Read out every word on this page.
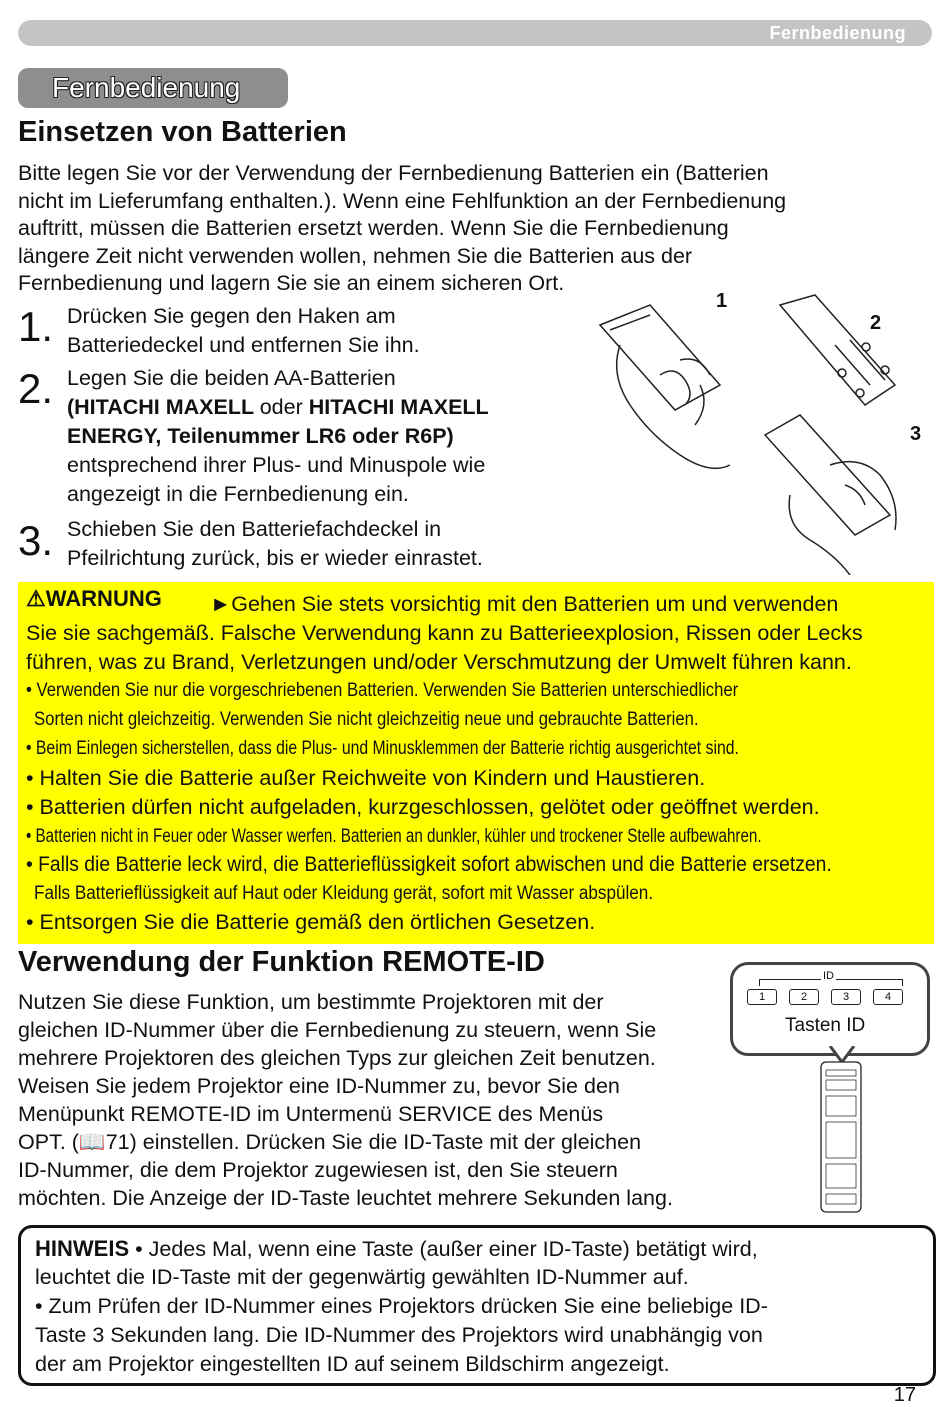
Fernbedienung
Fernbedienung
Einsetzen von Batterien
Bitte legen Sie vor der Verwendung der Fernbedienung Batterien ein (Batterien
nicht im Lieferumfang enthalten.). Wenn eine Fehlfunktion an der Fernbedienung
auftritt, müssen die Batterien ersetzt werden. Wenn Sie die Fernbedienung
längere Zeit nicht verwenden wollen, nehmen Sie die Batterien aus der
Fernbedienung und lagern Sie sie an einem sicheren Ort.
1. Drücken Sie gegen den Haken am
Batteriedeckel und entfernen Sie ihn.
2. Legen Sie die beiden AA-Batterien
(HITACHI MAXELL oder HITACHI MAXELL
ENERGY, Teilenummer LR6 oder R6P)
entsprechend ihrer Plus- und Minuspole wie
angezeigt in die Fernbedienung ein.
3. Schieben Sie den Batteriefachdeckel in
Pfeilrichtung zurück, bis er wieder einrastet.
1
2
3
⚠WARNUNG ►Gehen Sie stets vorsichtig mit den Batterien um und verwenden
Sie sie sachgemäß. Falsche Verwendung kann zu Batterieexplosion, Rissen oder Lecks
führen, was zu Brand, Verletzungen und/oder Verschmutzung der Umwelt führen kann.
• Verwenden Sie nur die vorgeschriebenen Batterien. Verwenden Sie Batterien unterschiedlicher
Sorten nicht gleichzeitig. Verwenden Sie nicht gleichzeitig neue und gebrauchte Batterien.
• Beim Einlegen sicherstellen, dass die Plus- und Minusklemmen der Batterie richtig ausgerichtet sind.
• Halten Sie die Batterie außer Reichweite von Kindern und Haustieren.
• Batterien dürfen nicht aufgeladen, kurzgeschlossen, gelötet oder geöffnet werden.
• Batterien nicht in Feuer oder Wasser werfen. Batterien an dunkler, kühler und trockener Stelle aufbewahren.
• Falls die Batterie leck wird, die Batterieflüssigkeit sofort abwischen und die Batterie ersetzen.
Falls Batterieflüssigkeit auf Haut oder Kleidung gerät, sofort mit Wasser abspülen.
• Entsorgen Sie die Batterie gemäß den örtlichen Gesetzen.
Verwendung der Funktion REMOTE-ID
Nutzen Sie diese Funktion, um bestimmte Projektoren mit der
gleichen ID-Nummer über die Fernbedienung zu steuern, wenn Sie
mehrere Projektoren des gleichen Typs zur gleichen Zeit benutzen.
Weisen Sie jedem Projektor eine ID-Nummer zu, bevor Sie den
Menüpunkt REMOTE-ID im Untermenü SERVICE des Menüs
OPT. (📖71) einstellen. Drücken Sie die ID-Taste mit der gleichen
ID-Nummer, die dem Projektor zugewiesen ist, den Sie steuern
möchten. Die Anzeige der ID-Taste leuchtet mehrere Sekunden lang.
ID
1	2	3	4
Tasten ID
HINWEIS • Jedes Mal, wenn eine Taste (außer einer ID-Taste) betätigt wird,
leuchtet die ID-Taste mit der gegenwärtig gewählten ID-Nummer auf.
• Zum Prüfen der ID-Nummer eines Projektors drücken Sie eine beliebige ID-
Taste 3 Sekunden lang. Die ID-Nummer des Projektors wird unabhängig von
der am Projektor eingestellten ID auf seinem Bildschirm angezeigt.
17
